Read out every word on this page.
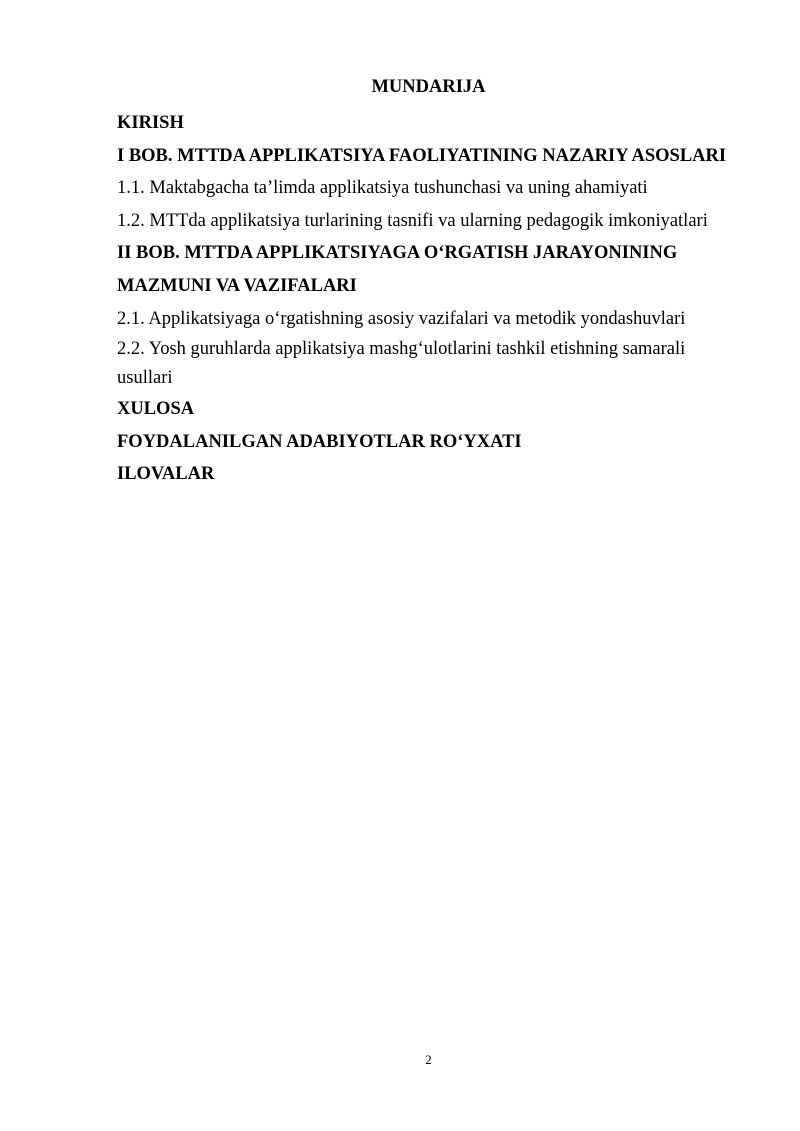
MUNDARIJA
KIRISH
I BOB. MTTDA APPLIKATSIYA FAOLIYATINING NAZARIY ASOSLARI
1.1. Maktabgacha ta’limda applikatsiya tushunchasi va uning ahamiyati
1.2. MTTda applikatsiya turlarining tasnifi va ularning pedagogik imkoniyatlari
II BOB. MTTDA APPLIKATSIYAGA O‘RGATISH JARAYONINING MAZMUNI VA VAZIFALARI
2.1. Applikatsiyaga o‘rgatishning asosiy vazifalari va metodik yondashuvlari
2.2. Yosh guruhlarda applikatsiya mashg‘ulotlarini tashkil etishning samarali usullari
XULOSA
FOYDALANILGAN ADABIYOTLAR RO‘YXATI
ILOVALAR
2
